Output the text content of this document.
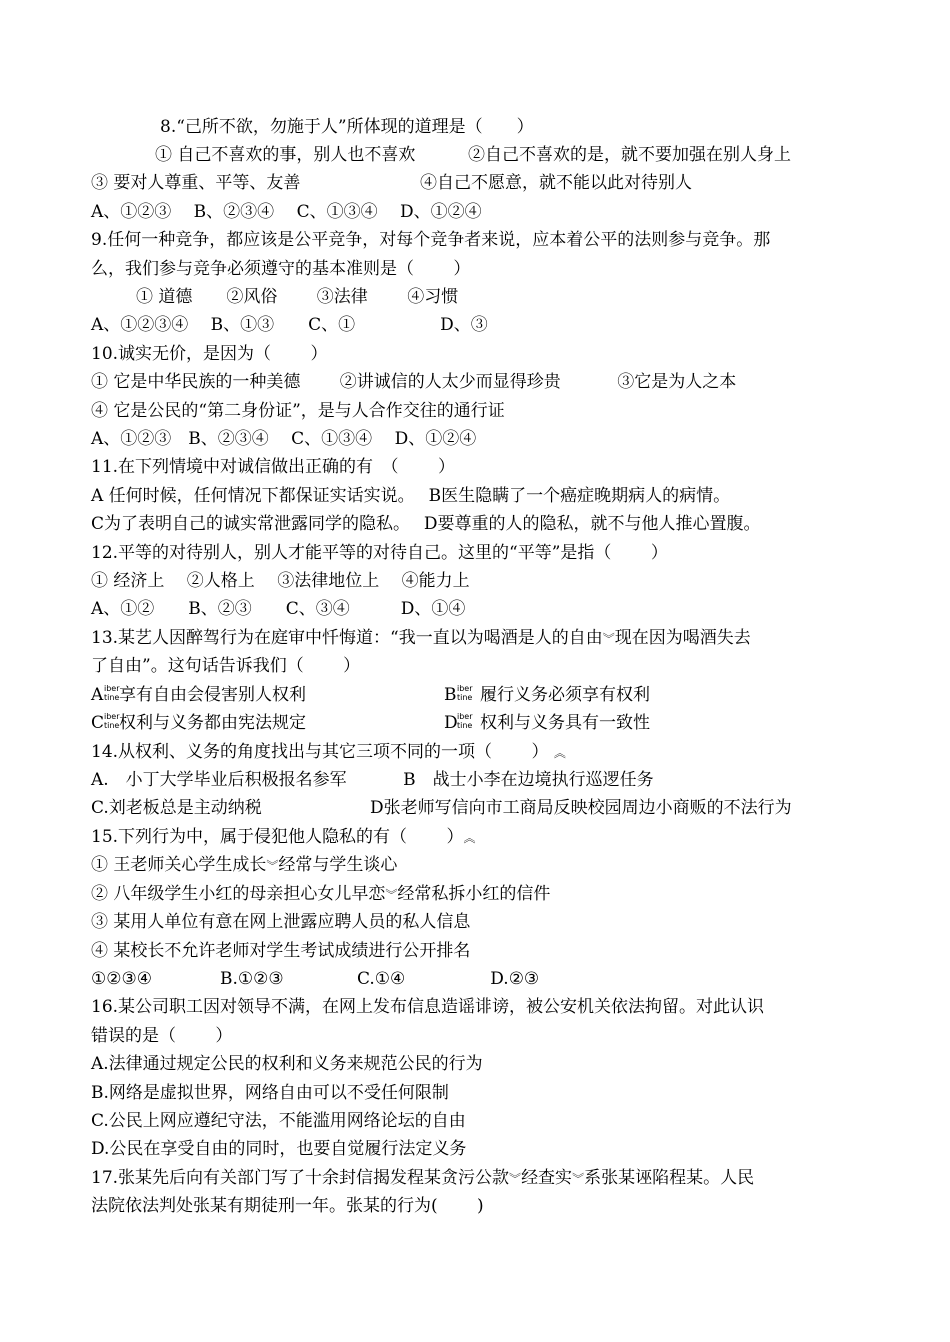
8.“己所不欲，勿施于人”所体现的道理是（　　）
① 自己不喜欢的事，别人也不喜欢	②自己不喜欢的是，就不要加强在别人身上
③ 要对人尊重、平等、友善	④自己不愿意，就不能以此对待别人
A、①②③　 B、②③④　 C、①③④　 D、①②④
9.任何一种竞争，都应该是公平竞争，对每个竞争者来说，应本着公平的法则参与竞争。那
么，我们参与竞争必须遵守的基本准则是（　　 ）
① 道德　　②风俗　　 ③法律　　 ④习惯
A、①②③④　 B、①③　　C、①　　　　　D、③
10.诚实无价，是因为（　　 ）
① 它是中华民族的一种美德　　 ②讲诚信的人太少而显得珍贵　　　 ③它是为人之本
④ 它是公民的“第二身份证”，是与人合作交往的通行证
A、①②③　B、②③④　 C、①③④　 D、①②④
11.在下列情境中对诚信做出正确的有　（　　 ）
A 任何时候，任何情况下都保证实话实说。　 B医生隐瞒了一个癌症晚期病人的病情。
C为了表明自己的诚实常泄露同学的隐私。　 D要尊重的人的隐私，就不与他人推心置腹。
12.平等的对待别人，别人才能平等的对待自己。这里的“平等”是指（　　 ）
① 经济上　 ②人格上　 ③法律地位上　 ④能力上
A、①②　　B、②③　　C、③④　　　D、①④
13.某艺人因醉驾行为在庭审中忏悔道：“我一直以为喝酒是人的自由︾现在因为喝酒失去
了自由”。这句话告诉我们（　　 ）
A iber
tine 享有自由会侵害别人权利	B iber
tine 履行义务必须享有权利
C iber
tine 权利与义务都由宪法规定	D iber
tine 权利与义务具有一致性
14.从权利、义务的角度找出与其它三项不同的一项（　　 ） ︽
A.　小丁大学毕业后积极报名参军　　　 B　战士小李在边境执行巡逻任务
C.刘老板总是主动纳税	D张老师写信向市工商局反映校园周边小商贩的不法行为
15.下列行为中，属于侵犯他人隐私的有（　　 ）︽
① 王老师关心学生成长︾经常与学生谈心
② 八年级学生小红的母亲担心女儿早恋︾经常私拆小红的信件
③ 某用人单位有意在网上泄露应聘人员的私人信息
④ 某校长不允许老师对学生考试成绩进行公开排名
①②③④　　　　B.①②③　　　　 C.①④　　　　　D.②③
16.某公司职工因对领导不满，在网上发布信息造谣诽谤，被公安机关依法拘留。对此认识
错误的是（　　 ）
A.法律通过规定公民的权利和义务来规范公民的行为
B.网络是虚拟世界，网络自由可以不受任何限制
C.公民上网应遵纪守法，不能滥用网络论坛的自由
D.公民在享受自由的同时，也要自觉履行法定义务
17.张某先后向有关部门写了十余封信揭发程某贪污公款︾经查实︾系张某诬陷程某。人民
法院依法判处张某有期徒刑一年。张某的行为(　　 )
